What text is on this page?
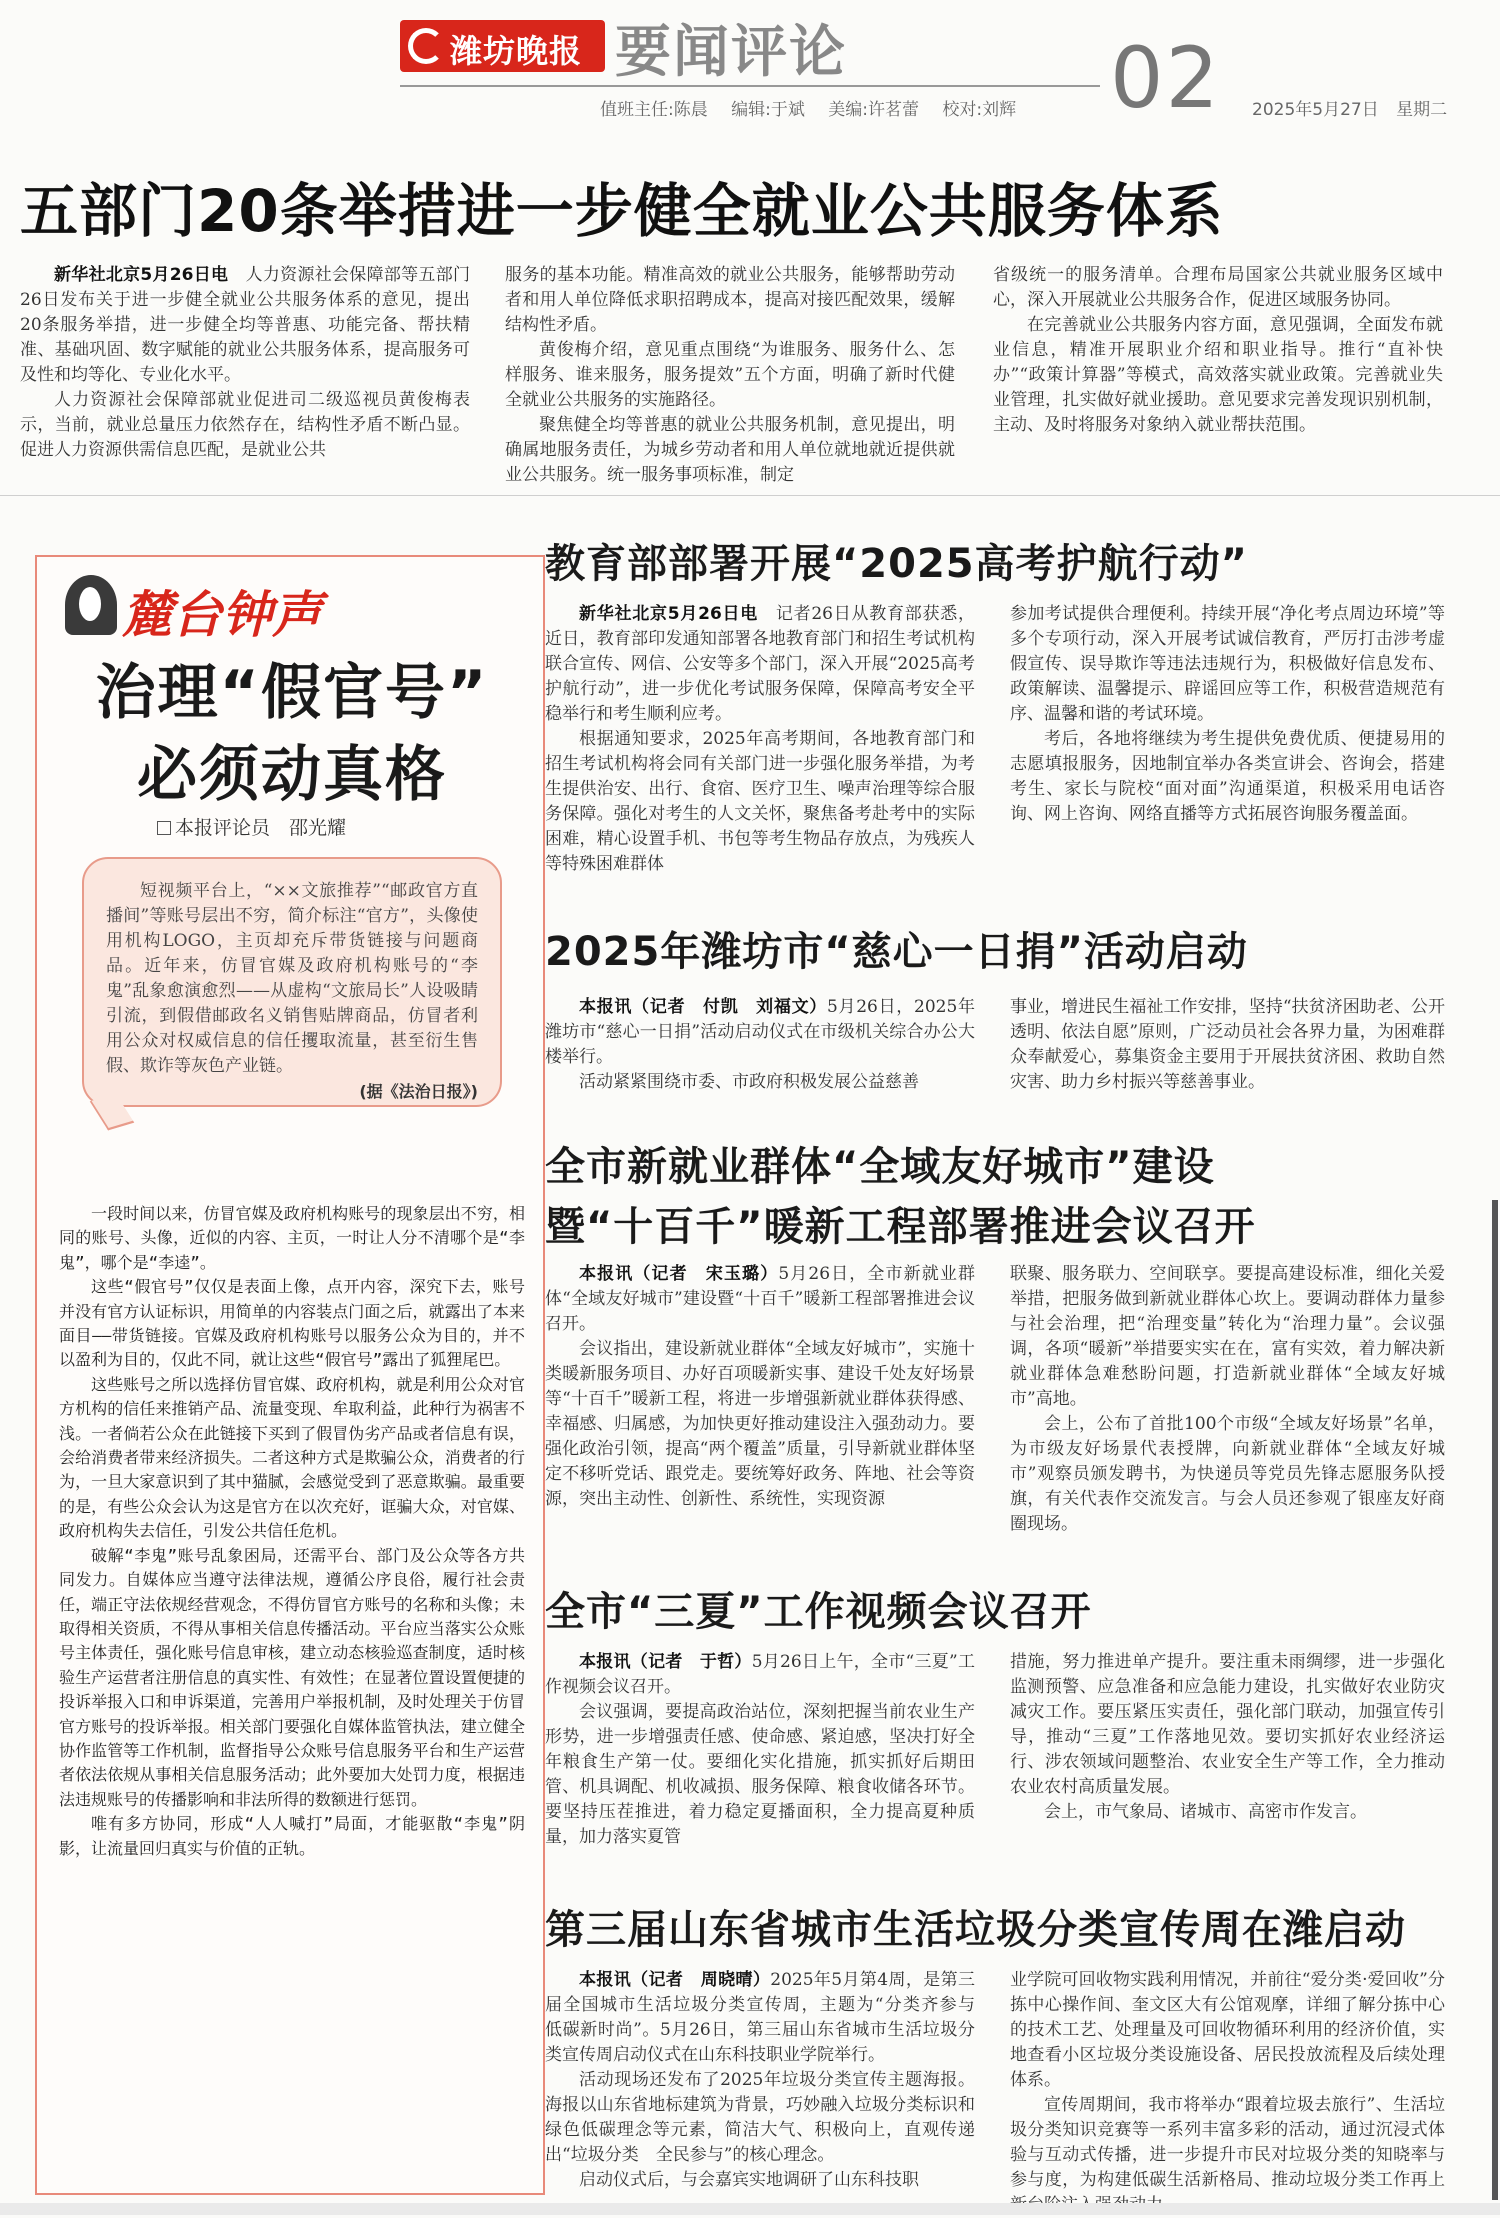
潍坊晚报 要闻评论	02
值班主任:陈晨 编辑:于斌 美编:许茗蕾 校对:刘辉	2025年5月27日 星期二
五部门20条举措进一步健全就业公共服务体系

新华社北京5月26日电　 人力资源社会保障部等五部门26日发布关于进一步健全就业公共服务体系的意见，提出20条服务举措，进一步健全均等普惠、功能完备、帮扶精准、基础巩固、数字赋能的就业公共服务体系，提高服务可及性和均等化、专业化水平。

人力资源社会保障部就业促进司二级巡视员黄俊梅表示，当前，就业总量压力依然存在，结构性矛盾不断凸显。促进人力资源供需信息匹配，是就业公共

服务的基本功能。精准高效的就业公共服务，能够帮助劳动者和用人单位降低求职招聘成本，提高对接匹配效果，缓解结构性矛盾。

黄俊梅介绍，意见重点围绕“为谁服务、服务什么、怎样服务、谁来服务，服务提效”五个方面，明确了新时代健全就业公共服务的实施路径。

聚焦健全均等普惠的就业公共服务机制，意见提出，明确属地服务责任，为城乡劳动者和用人单位就地就近提供就业公共服务。统一服务事项标准，制定

省级统一的服务清单。合理布局国家公共就业服务区域中心，深入开展就业公共服务合作，促进区域服务协同。

在完善就业公共服务内容方面，意见强调，全面发布就业信息，精准开展职业介绍和职业指导。推行“直补快办”“政策计算器”等模式，高效落实就业政策。完善就业失业管理，扎实做好就业援助。意见要求完善发现识别机制，主动、及时将服务对象纳入就业帮扶范围。

麓台钟声
治理“假官号”
必须动真格
本报评论员　邵光耀

短视频平台上，“××文旅推荐”“邮政官方直播间”等账号层出不穷，简介标注“官方”，头像使用机构LOGO，主页却充斥带货链接与问题商品。近年来，仿冒官媒及政府机构账号的“李鬼”乱象愈演愈烈——从虚构“文旅局长”人设吸睛引流，到假借邮政名义销售贴牌商品，仿冒者利用公众对权威信息的信任攫取流量，甚至衍生售假、欺诈等灰色产业链。

(据《法治日报》)

一段时间以来，仿冒官媒及政府机构账号的现象层出不穷，相同的账号、头像，近似的内容、主页，一时让人分不清哪个是“李鬼”，哪个是“李逵”。

这些“假官号”仅仅是表面上像，点开内容，深究下去，账号并没有官方认证标识，用简单的内容装点门面之后，就露出了本来面目——带货链接。官媒及政府机构账号以服务公众为目的，并不以盈利为目的，仅此不同，就让这些“假官号”露出了狐狸尾巴。

这些账号之所以选择仿冒官媒、政府机构，就是利用公众对官方机构的信任来推销产品、流量变现、牟取利益，此种行为祸害不浅。一者倘若公众在此链接下买到了假冒伪劣产品或者信息有误，会给消费者带来经济损失。二者这种方式是欺骗公众，消费者的行为，一旦大家意识到了其中猫腻，会感觉受到了恶意欺骗。最重要的是，有些公众会认为这是官方在以次充好，诓骗大众，对官媒、政府机构失去信任，引发公共信任危机。

破解“李鬼”账号乱象困局，还需平台、部门及公众等各方共同发力。自媒体应当遵守法律法规，遵循公序良俗，履行社会责任，端正守法依规经营观念，不得仿冒官方账号的名称和头像；未取得相关资质，不得从事相关信息传播活动。平台应当落实公众账号主体责任，强化账号信息审核，建立动态核验巡查制度，适时核验生产运营者注册信息的真实性、有效性；在显著位置设置便捷的投诉举报入口和申诉渠道，完善用户举报机制，及时处理关于仿冒官方账号的投诉举报。相关部门要强化自媒体监管执法，建立健全协作监管等工作机制，监督指导公众账号信息服务平台和生产运营者依法依规从事相关信息服务活动；此外要加大处罚力度，根据违法违规账号的传播影响和非法所得的数额进行惩罚。

唯有多方协同，形成“人人喊打”局面，才能驱散“李鬼”阴影，让流量回归真实与价值的正轨。

教育部部署开展“2025高考护航行动”

新华社北京5月26日电　 记者26日从教育部获悉，近日，教育部印发通知部署各地教育部门和招生考试机构联合宣传、网信、公安等多个部门，深入开展“2025高考护航行动”，进一步优化考试服务保障，保障高考安全平稳举行和考生顺利应考。

根据通知要求，2025年高考期间，各地教育部门和招生考试机构将会同有关部门进一步强化服务举措，为考生提供治安、出行、食宿、医疗卫生、噪声治理等综合服务保障。强化对考生的人文关怀，聚焦备考赴考中的实际困难，精心设置手机、书包等考生物品存放点，为残疾人等特殊困难群体

参加考试提供合理便利。持续开展“净化考点周边环境”等多个专项行动，深入开展考试诚信教育，严厉打击涉考虚假宣传、误导欺诈等违法违规行为，积极做好信息发布、政策解读、温馨提示、辟谣回应等工作，积极营造规范有序、温馨和谐的考试环境。

考后，各地将继续为考生提供免费优质、便捷易用的志愿填报服务，因地制宜举办各类宣讲会、咨询会，搭建考生、家长与院校“面对面”沟通渠道，积极采用电话咨询、网上咨询、网络直播等方式拓展咨询服务覆盖面。

2025年潍坊市“慈心一日捐”活动启动

本报讯（记者　付凯　刘福文）5月26日，2025年潍坊市“慈心一日捐”活动启动仪式在市级机关综合办公大楼举行。

活动紧紧围绕市委、市政府积极发展公益慈善

事业，增进民生福祉工作安排，坚持“扶贫济困助老、公开透明、依法自愿”原则，广泛动员社会各界力量，为困难群众奉献爱心，募集资金主要用于开展扶贫济困、救助自然灾害、助力乡村振兴等慈善事业。

全市新就业群体“全域友好城市”建设
暨“十百千”暖新工程部署推进会议召开

本报讯（记者　宋玉璐）5月26日，全市新就业群体“全域友好城市”建设暨“十百千”暖新工程部署推进会议召开。

会议指出，建设新就业群体“全域友好城市”，实施十类暖新服务项目、办好百项暖新实事、建设千处友好场景等“十百千”暖新工程，将进一步增强新就业群体获得感、幸福感、归属感，为加快更好推动建设注入强劲动力。要强化政治引领，提高“两个覆盖”质量，引导新就业群体坚定不移听党话、跟党走。要统筹好政务、阵地、社会等资源，突出主动性、创新性、系统性，实现资源

联聚、服务联力、空间联享。要提高建设标准，细化关爱举措，把服务做到新就业群体心坎上。要调动群体力量参与社会治理，把“治理变量”转化为“治理力量”。会议强调，各项“暖新”举措要实实在在，富有实效，着力解决新就业群体急难愁盼问题，打造新就业群体“全域友好城市”高地。

会上，公布了首批100个市级“全域友好场景”名单，为市级友好场景代表授牌，向新就业群体“全域友好城市”观察员颁发聘书，为快递员等党员先锋志愿服务队授旗，有关代表作交流发言。与会人员还参观了银座友好商圈现场。

全市“三夏”工作视频会议召开

本报讯（记者　于哲）5月26日上午，全市“三夏”工作视频会议召开。

会议强调，要提高政治站位，深刻把握当前农业生产形势，进一步增强责任感、使命感、紧迫感，坚决打好全年粮食生产第一仗。要细化实化措施，抓实抓好后期田管、机具调配、机收减损、服务保障、粮食收储各环节。要坚持压茬推进，着力稳定夏播面积，全力提高夏种质量，加力落实夏管

措施，努力推进单产提升。要注重未雨绸缪，进一步强化监测预警、应急准备和应急能力建设，扎实做好农业防灾减灾工作。要压紧压实责任，强化部门联动，加强宣传引导，推动“三夏”工作落地见效。要切实抓好农业经济运行、涉农领域问题整治、农业安全生产等工作，全力推动农业农村高质量发展。

会上，市气象局、诸城市、高密市作发言。

第三届山东省城市生活垃圾分类宣传周在潍启动

本报讯（记者　周晓晴）2025年5月第4周，是第三届全国城市生活垃圾分类宣传周，主题为“分类齐参与　低碳新时尚”。5月26日，第三届山东省城市生活垃圾分类宣传周启动仪式在山东科技职业学院举行。

活动现场还发布了2025年垃圾分类宣传主题海报。海报以山东省地标建筑为背景，巧妙融入垃圾分类标识和绿色低碳理念等元素，简洁大气、积极向上，直观传递出“垃圾分类　全民参与”的核心理念。

启动仪式后，与会嘉宾实地调研了山东科技职

业学院可回收物实践利用情况，并前往“爱分类·爱回收”分拣中心操作间、奎文区大有公馆观摩，详细了解分拣中心的技术工艺、处理量及可回收物循环利用的经济价值，实地查看小区垃圾分类设施设备、居民投放流程及后续处理体系。

宣传周期间，我市将举办“跟着垃圾去旅行”、生活垃圾分类知识竞赛等一系列丰富多彩的活动，通过沉浸式体验与互动式传播，进一步提升市民对垃圾分类的知晓率与参与度，为构建低碳生活新格局、推动垃圾分类工作再上
